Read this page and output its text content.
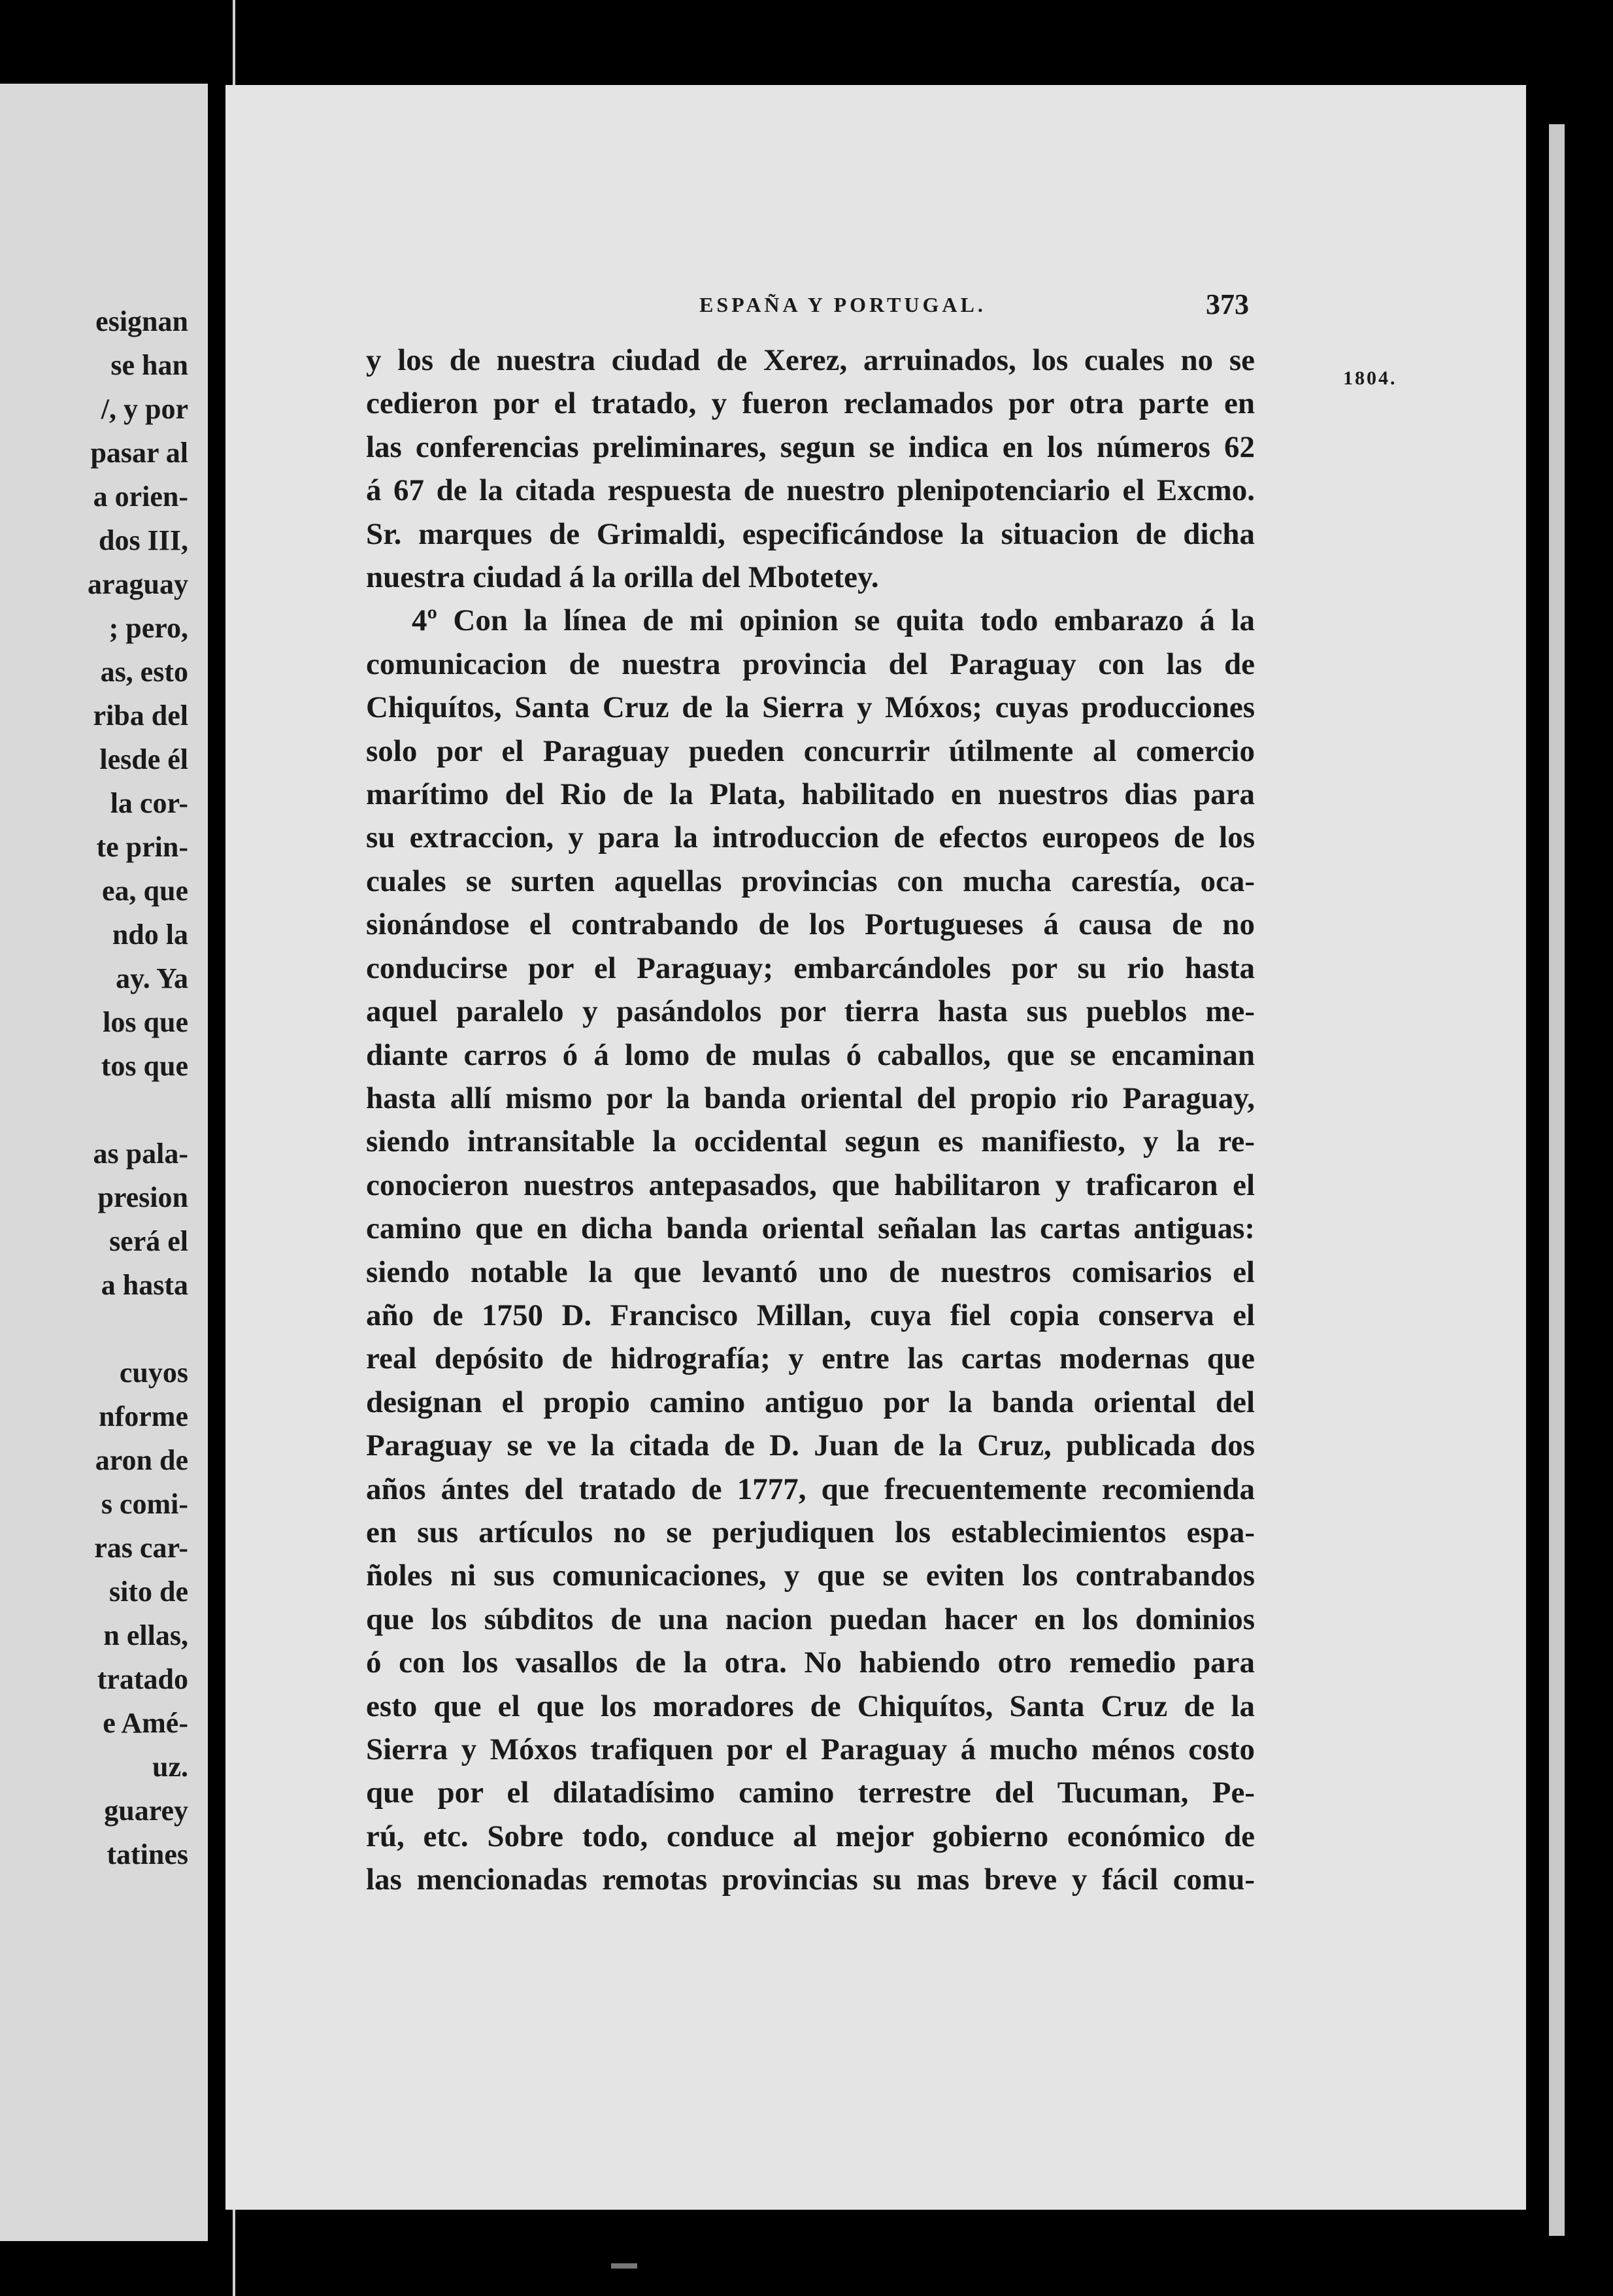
esignan
se han
/, y por
pasar al
a orien-
dos III,
araguay
; pero,
as, esto
riba del
lesde él
la cor-
te prin-
ea, que
ndo la
ay. Ya
los que
tos que

as pala-
presion
será el
a hasta

cuyos
nforme
aron de
s comi-
ras car-
sito de
n ellas,
tratado
e Amé-
uz.
guarey
tatines
ESPAÑA Y PORTUGAL.	373
1804.
y los de nuestra ciudad de Xerez, arruinados, los cuales no se
cedieron por el tratado, y fueron reclamados por otra parte en
las conferencias preliminares, segun se indica en los números 62
á 67 de la citada respuesta de nuestro plenipotenciario el Excmo.
Sr. marques de Grimaldi, especificándose la situacion de dicha
nuestra ciudad á la orilla del Mbotetey.
4º Con la línea de mi opinion se quita todo embarazo á la
comunicacion de nuestra provincia del Paraguay con las de
Chiquítos, Santa Cruz de la Sierra y Móxos; cuyas producciones
solo por el Paraguay pueden concurrir útilmente al comercio
marítimo del Rio de la Plata, habilitado en nuestros dias para
su extraccion, y para la introduccion de efectos europeos de los
cuales se surten aquellas provincias con mucha carestía, oca-
sionándose el contrabando de los Portugueses á causa de no
conducirse por el Paraguay; embarcándoles por su rio hasta
aquel paralelo y pasándolos por tierra hasta sus pueblos me-
diante carros ó á lomo de mulas ó caballos, que se encaminan
hasta allí mismo por la banda oriental del propio rio Paraguay,
siendo intransitable la occidental segun es manifiesto, y la re-
conocieron nuestros antepasados, que habilitaron y traficaron el
camino que en dicha banda oriental señalan las cartas antiguas:
siendo notable la que levantó uno de nuestros comisarios el
año de 1750 D. Francisco Millan, cuya fiel copia conserva el
real depósito de hidrografía; y entre las cartas modernas que
designan el propio camino antiguo por la banda oriental del
Paraguay se ve la citada de D. Juan de la Cruz, publicada dos
años ántes del tratado de 1777, que frecuentemente recomienda
en sus artículos no se perjudiquen los establecimientos espa-
ñoles ni sus comunicaciones, y que se eviten los contrabandos
que los súbditos de una nacion puedan hacer en los dominios
ó con los vasallos de la otra. No habiendo otro remedio para
esto que el que los moradores de Chiquítos, Santa Cruz de la
Sierra y Móxos trafiquen por el Paraguay á mucho ménos costo
que por el dilatadísimo camino terrestre del Tucuman, Pe-
rú, etc. Sobre todo, conduce al mejor gobierno económico de
las mencionadas remotas provincias su mas breve y fácil comu-
